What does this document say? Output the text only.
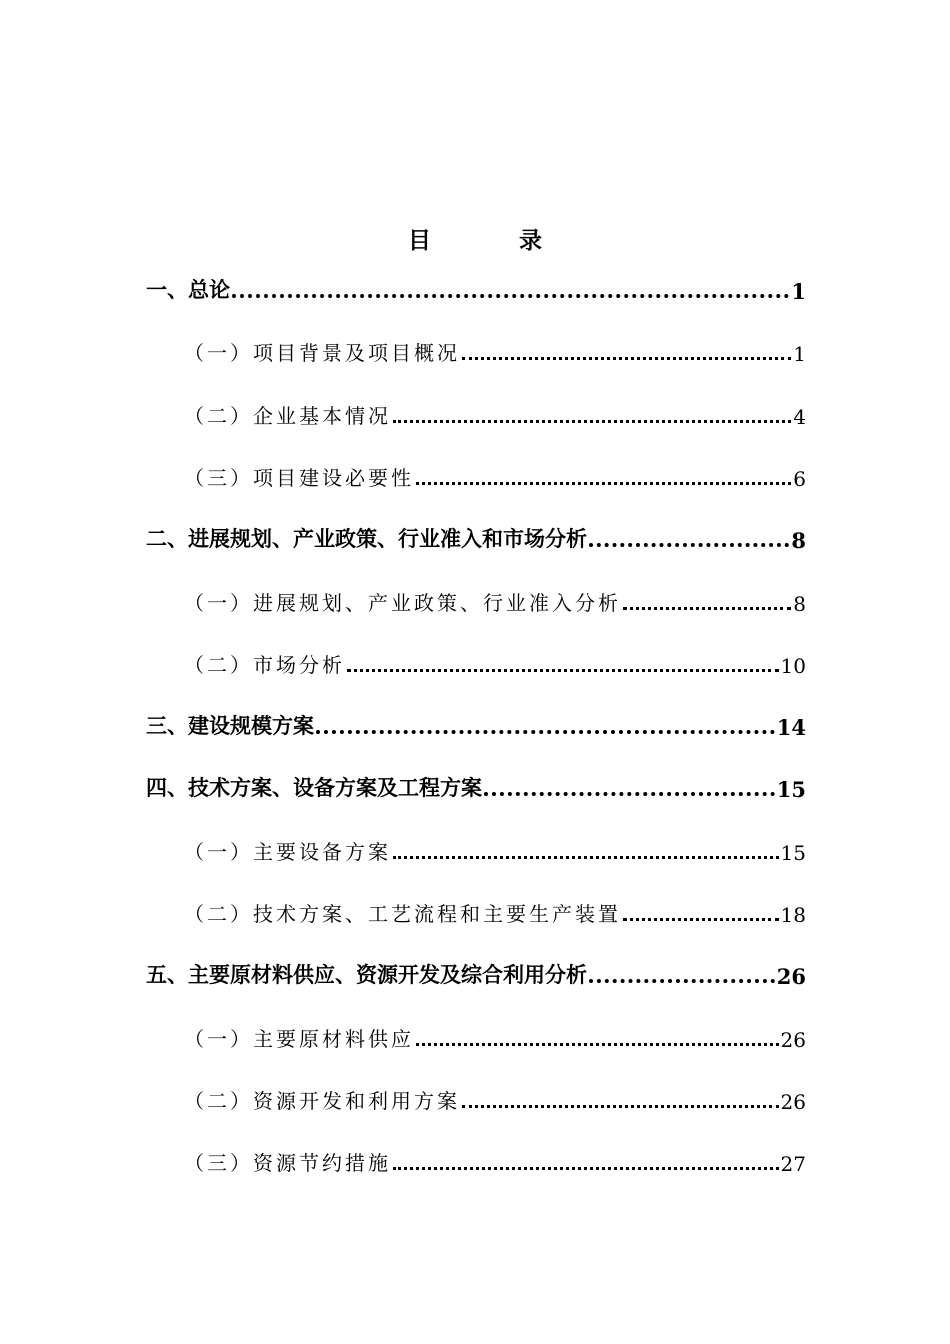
目 录
一、总论	1
（一）项目背景及项目概况	1
（二）企业基本情况	4
（三）项目建设必要性	6
二、进展规划、产业政策、行业准入和市场分析	8
（一）进展规划、产业政策、行业准入分析	8
（二）市场分析	10
三、建设规模方案	14
四、技术方案、设备方案及工程方案	15
（一）主要设备方案	15
（二）技术方案、工艺流程和主要生产装置	18
五、主要原材料供应、资源开发及综合利用分析	26
（一）主要原材料供应	26
（二）资源开发和利用方案	26
（三）资源节约措施	27
